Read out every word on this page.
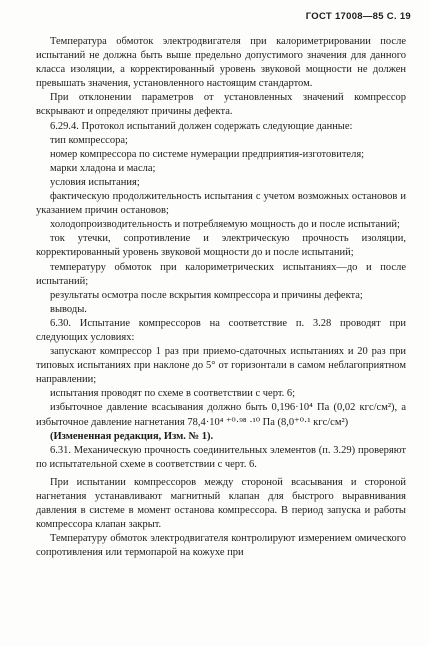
ГОСТ 17008—85 С. 19

Температура обмоток электродвигателя при калориметрировании после испытаний не должна быть выше предельно допустимого значения для данного класса изоляции, а корректированный уровень звуковой мощности не должен превышать значения, установленного настоящим стандартом.

При отклонении параметров от установленных значений компрессор вскрывают и определяют причины дефекта.

6.29.4. Протокол испытаний должен содержать следующие данные:

тип компрессора;

номер компрессора по системе нумерации предприятия-изготовителя;

марки хладона и масла;

условия испытания;

фактическую продолжительность испытания с учетом возможных остановов и указанием причин остановов;

холодопроизводительность и потребляемую мощность до и после испытаний;

ток утечки, сопротивление и электрическую прочность изоляции, корректированный уровень звуковой мощности до и после испытаний;

температуру обмоток при калориметрических испытаниях—до и после испытаний;

результаты осмотра после вскрытия компрессора и причины дефекта;

выводы.

6.30. Испытание компрессоров на соответствие п. 3.28 проводят при следующих условиях:

запускают компрессор 1 раз при приемо-сдаточных испытаниях и 20 раз при типовых испытаниях при наклоне до 5° от горизонтали в самом неблагоприятном направлении;

испытания проводят по схеме в соответствии с черт. 6;

избыточное давление всасывания должно быть 0,196·10⁴ Па (0,02 кгс/см²), а избыточное давление нагнетания 78,4·10⁴ ⁺⁰·⁹⁸ ·¹⁰ Па (8,0⁺⁰·¹ кгс/см²)

(Измененная редакция, Изм. № 1).

6.31. Механическую прочность соединительных элементов (п. 3.29) проверяют по испытательной схеме в соответствии с черт. 6.

При испытании компрессоров между стороной всасывания и стороной нагнетания устанавливают магнитный клапан для быстрого выравнивания давления в системе в момент останова компрессора. В период запуска и работы компрессора клапан закрыт.

Температуру обмоток электродвигателя контролируют измерением омического сопротивления или термопарой на кожухе при
